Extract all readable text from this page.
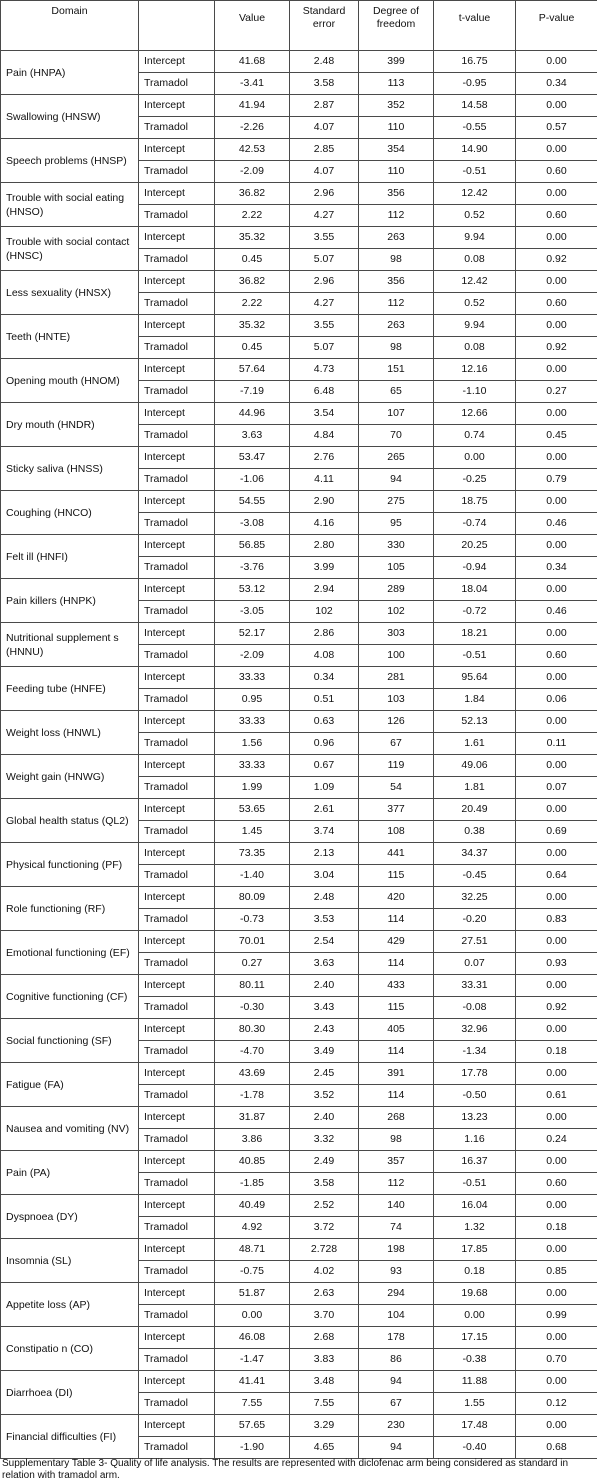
Domain		Value	Standard error	Degree of freedom	t-value	P-value
Pain (HNPA)	Intercept	41.68	2.48	399	16.75	0.00
	Tramadol	-3.41	3.58	113	-0.95	0.34
Swallowing (HNSW)	Intercept	41.94	2.87	352	14.58	0.00
	Tramadol	-2.26	4.07	110	-0.55	0.57
Speech problems (HNSP)	Intercept	42.53	2.85	354	14.90	0.00
	Tramadol	-2.09	4.07	110	-0.51	0.60
Trouble with social eating (HNSO)	Intercept	36.82	2.96	356	12.42	0.00
	Tramadol	2.22	4.27	112	0.52	0.60
Trouble with social contact (HNSC)	Intercept	35.32	3.55	263	9.94	0.00
	Tramadol	0.45	5.07	98	0.08	0.92
Less sexuality (HNSX)	Intercept	36.82	2.96	356	12.42	0.00
	Tramadol	2.22	4.27	112	0.52	0.60
Teeth (HNTE)	Intercept	35.32	3.55	263	9.94	0.00
	Tramadol	0.45	5.07	98	0.08	0.92
Opening mouth (HNOM)	Intercept	57.64	4.73	151	12.16	0.00
	Tramadol	-7.19	6.48	65	-1.10	0.27
Dry mouth (HNDR)	Intercept	44.96	3.54	107	12.66	0.00
	Tramadol	3.63	4.84	70	0.74	0.45
Sticky saliva (HNSS)	Intercept	53.47	2.76	265	0.00	0.00
	Tramadol	-1.06	4.11	94	-0.25	0.79
Coughing (HNCO)	Intercept	54.55	2.90	275	18.75	0.00
	Tramadol	-3.08	4.16	95	-0.74	0.46
Felt ill (HNFI)	Intercept	56.85	2.80	330	20.25	0.00
	Tramadol	-3.76	3.99	105	-0.94	0.34
Pain killers (HNPK)	Intercept	53.12	2.94	289	18.04	0.00
	Tramadol	-3.05	102	102	-0.72	0.46
Nutritional supplement s (HNNU)	Intercept	52.17	2.86	303	18.21	0.00
	Tramadol	-2.09	4.08	100	-0.51	0.60
Feeding tube (HNFE)	Intercept	33.33	0.34	281	95.64	0.00
	Tramadol	0.95	0.51	103	1.84	0.06
Weight loss (HNWL)	Intercept	33.33	0.63	126	52.13	0.00
	Tramadol	1.56	0.96	67	1.61	0.11
Weight gain (HNWG)	Intercept	33.33	0.67	119	49.06	0.00
	Tramadol	1.99	1.09	54	1.81	0.07
Global health status (QL2)	Intercept	53.65	2.61	377	20.49	0.00
	Tramadol	1.45	3.74	108	0.38	0.69
Physical functioning (PF)	Intercept	73.35	2.13	441	34.37	0.00
	Tramadol	-1.40	3.04	115	-0.45	0.64
Role functioning (RF)	Intercept	80.09	2.48	420	32.25	0.00
	Tramadol	-0.73	3.53	114	-0.20	0.83
Emotional functioning (EF)	Intercept	70.01	2.54	429	27.51	0.00
	Tramadol	0.27	3.63	114	0.07	0.93
Cognitive functioning (CF)	Intercept	80.11	2.40	433	33.31	0.00
	Tramadol	-0.30	3.43	115	-0.08	0.92
Social functioning (SF)	Intercept	80.30	2.43	405	32.96	0.00
	Tramadol	-4.70	3.49	114	-1.34	0.18
Fatigue (FA)	Intercept	43.69	2.45	391	17.78	0.00
	Tramadol	-1.78	3.52	114	-0.50	0.61
Nausea and vomiting (NV)	Intercept	31.87	2.40	268	13.23	0.00
	Tramadol	3.86	3.32	98	1.16	0.24
Pain (PA)	Intercept	40.85	2.49	357	16.37	0.00
	Tramadol	-1.85	3.58	112	-0.51	0.60
Dyspnoea (DY)	Intercept	40.49	2.52	140	16.04	0.00
	Tramadol	4.92	3.72	74	1.32	0.18
Insomnia (SL)	Intercept	48.71	2.728	198	17.85	0.00
	Tramadol	-0.75	4.02	93	0.18	0.85
Appetite loss (AP)	Intercept	51.87	2.63	294	19.68	0.00
	Tramadol	0.00	3.70	104	0.00	0.99
Constipatio n (CO)	Intercept	46.08	2.68	178	17.15	0.00
	Tramadol	-1.47	3.83	86	-0.38	0.70
Diarrhoea (DI)	Intercept	41.41	3.48	94	11.88	0.00
	Tramadol	7.55	7.55	67	1.55	0.12
Financial difficulties (FI)	Intercept	57.65	3.29	230	17.48	0.00
	Tramadol	-1.90	4.65	94	-0.40	0.68
Supplementary Table 3- Quality of life analysis. The results are represented with diclofenac arm being considered as standard in relation with tramadol arm.
